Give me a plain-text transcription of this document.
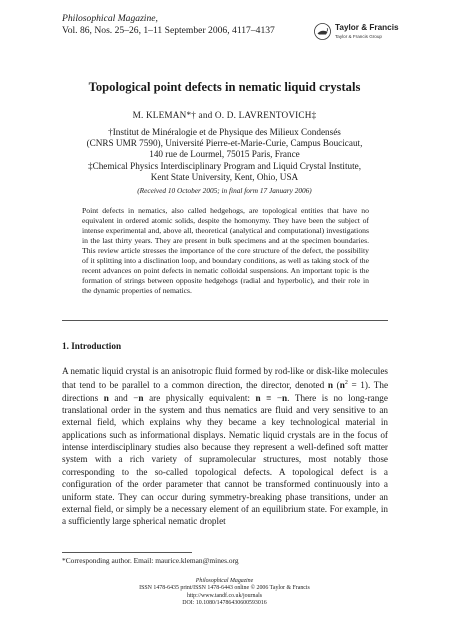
Philosophical Magazine,
Vol. 86, Nos. 25–26, 1–11 September 2006, 4117–4137	Taylor & Francis
Taylor & Francis Group
Topological point defects in nematic liquid crystals
M. KLEMAN*† and O. D. LAVRENTOVICH‡
†Institut de Minéralogie et de Physique des Milieux Condensés
(CNRS UMR 7590), Université Pierre-et-Marie-Curie, Campus Boucicaut,
140 rue de Lourmel, 75015 Paris, France
‡Chemical Physics Interdisciplinary Program and Liquid Crystal Institute,
Kent State University, Kent, Ohio, USA
(Received 10 October 2005; in final form 17 January 2006)
Point defects in nematics, also called hedgehogs, are topological entities that have no equivalent in ordered atomic solids, despite the homonymy. They have been the subject of intense experimental and, above all, theoretical (analytical and computational) investigations in the last thirty years. They are present in bulk specimens and at the specimen boundaries. This review article stresses the importance of the core structure of the defect, the possibility of it splitting into a disclination loop, and boundary conditions, as well as taking stock of the recent advances on point defects in nematic colloidal suspensions. An important topic is the formation of strings between opposite hedgehogs (radial and hyperbolic), and their role in the dynamic properties of nematics.
1. Introduction
A nematic liquid crystal is an anisotropic fluid formed by rod-like or disk-like molecules that tend to be parallel to a common direction, the director, denoted n $(n^2 = 1)$. The directions n and −n are physically equivalent: n ≡ −n. There is no long-range translational order in the system and thus nematics are fluid and very sensitive to an external field, which explains why they became a key technological material in applications such as informational displays. Nematic liquid crystals are in the focus of intense interdisciplinary studies also because they represent a well-defined soft matter system with a rich variety of supramolecular structures, most notably those corresponding to the so-called topological defects. A topological defect is a configuration of the order parameter that cannot be transformed continuously into a uniform state. They can occur during symmetry-breaking phase transitions, under an external field, or simply be a necessary element of an equilibrium state. For example, in a sufficiently large spherical nematic droplet
*Corresponding author. Email: maurice.kleman@mines.org
Philosophical Magazine
ISSN 1478-6435 print/ISSN 1478-6443 online © 2006 Taylor & Francis
http://www.tandf.co.uk/journals
DOI: 10.1080/14786430600593016
